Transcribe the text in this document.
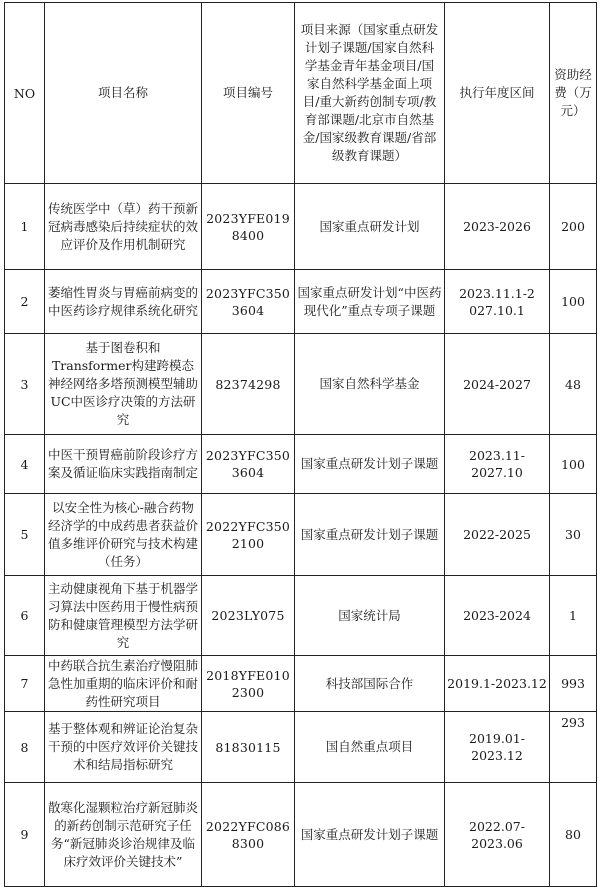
NO	项目名称	项目编号	项目来源（国家重点研发计划子课题/国家自然科学基金青年基金项目/国家自然科学基金面上项目/重大新药创制专项/教育部课题/北京市自然基金/国家级教育课题/省部级教育课题）	执行年度区间	资助经费（万元）
1	传统医学中（草）药干预新冠病毒感染后持续症状的效应评价及作用机制研究	2023YFE0198400	国家重点研发计划	2023-2026	200
2	萎缩性胃炎与胃癌前病变的中医药诊疗规律系统化研究	2023YFC3503604	国家重点研发计划“中医药现代化”重点专项子课题	2023.11.1-2027.10.1	100
3	基于图卷积和Transformer构建跨模态神经网络多塔预测模型辅助UC中医诊疗决策的方法研究	82374298	国家自然科学基金	2024-2027	48
4	中医干预胃癌前阶段诊疗方案及循证临床实践指南制定	2023YFC3503604	国家重点研发计划子课题	2023.11-2027.10	100
5	以安全性为核心-融合药物经济学的中成药患者获益价值多维评价研究与技术构建（任务）	2022YFC3502100	国家重点研发计划子课题	2022-2025	30
6	主动健康视角下基于机器学习算法中医药用于慢性病预防和健康管理模型方法学研究	2023LY075	国家统计局	2023-2024	1
7	中药联合抗生素治疗慢阻肺急性加重期的临床评价和耐药性研究项目	2018YFE0102300	科技部国际合作	2019.1-2023.12	993
8	基于整体观和辨证论治复杂干预的中医疗效评价关键技术和结局指标研究	81830115	国自然重点项目	2019.01-2023.12	293
9	散寒化湿颗粒治疗新冠肺炎的新药创制示范研究子任务“新冠肺炎诊治规律及临床疗效评价关键技术”	2022YFC0868300	国家重点研发计划子课题	2022.07-2023.06	80
